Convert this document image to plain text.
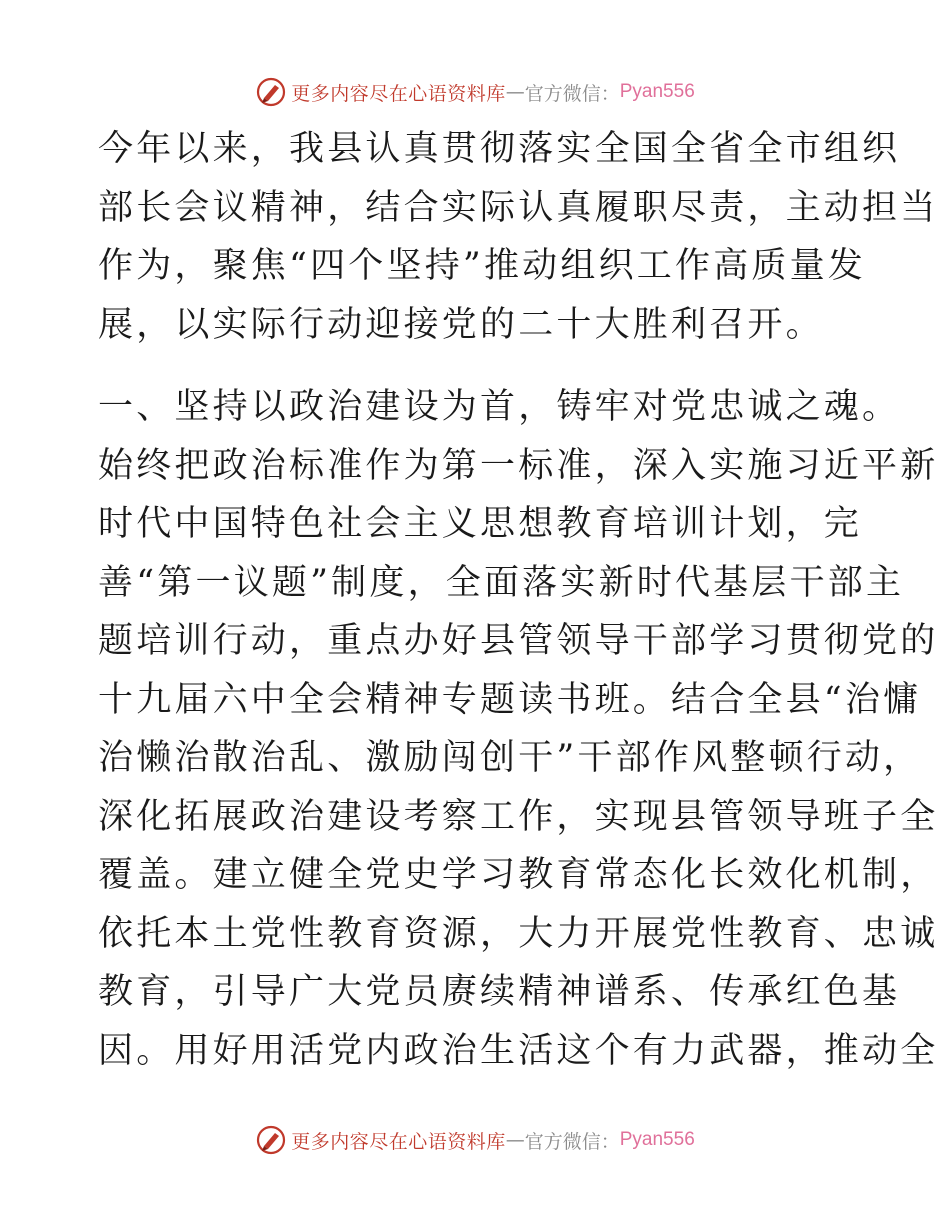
更多内容尽在心语资料库 — 官方微信： Pyan556
今年以来，我县认真贯彻落实全国全省全市组织
部长会议精神，结合实际认真履职尽责，主动担当
作为，聚焦“四个坚持”推动组织工作高质量发
展，以实际行动迎接党的二十大胜利召开。
一、坚持以政治建设为首，铸牢对党忠诚之魂。
始终把政治标准作为第一标准，深入实施习近平新
时代中国特色社会主义思想教育培训计划，完
善“第一议题”制度，全面落实新时代基层干部主
题培训行动，重点办好县管领导干部学习贯彻党的
十九届六中全会精神专题读书班。结合全县“治慵
治懒治散治乱、激励闯创干”干部作风整顿行动，
深化拓展政治建设考察工作，实现县管领导班子全
覆盖。建立健全党史学习教育常态化长效化机制，
依托本土党性教育资源，大力开展党性教育、忠诚
教育，引导广大党员赓续精神谱系、传承红色基
因。用好用活党内政治生活这个有力武器，推动全
更多内容尽在心语资料库 — 官方微信： Pyan556
